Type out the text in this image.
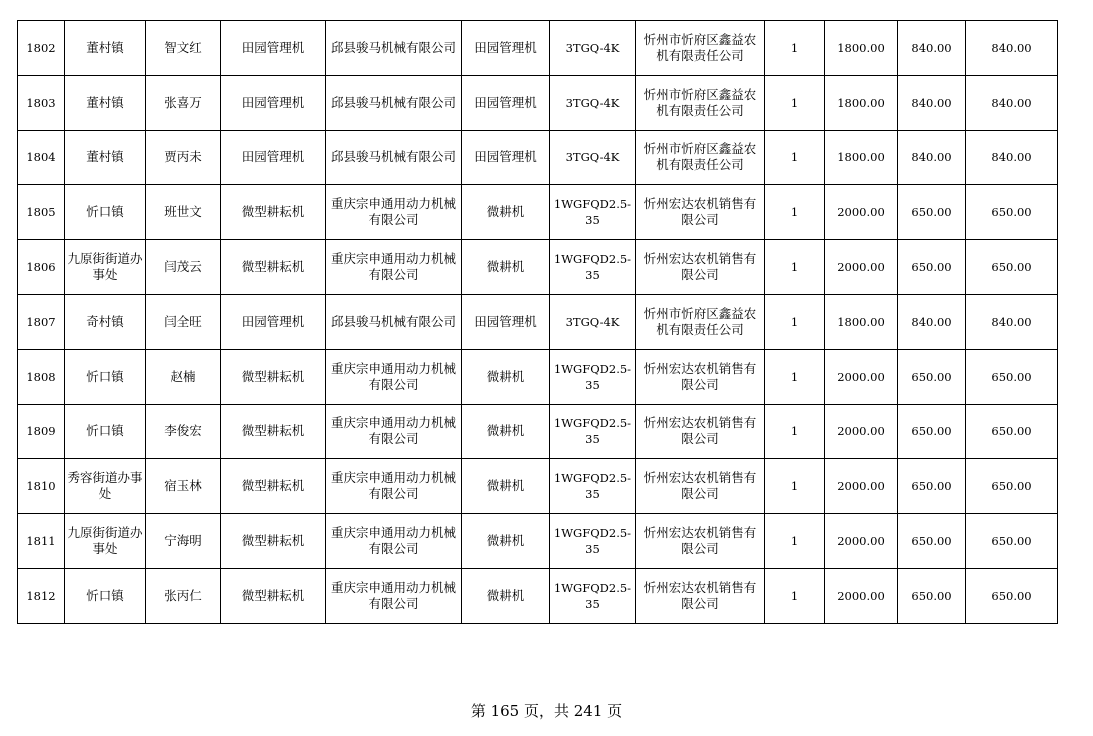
1802	董村镇	智文红	田园管理机	邱县骏马机械有限公司	田园管理机	3TGQ-4K	忻州市忻府区鑫益农机有限责任公司	1	1800.00	840.00	840.00
1803	董村镇	张喜万	田园管理机	邱县骏马机械有限公司	田园管理机	3TGQ-4K	忻州市忻府区鑫益农机有限责任公司	1	1800.00	840.00	840.00
1804	董村镇	贾丙未	田园管理机	邱县骏马机械有限公司	田园管理机	3TGQ-4K	忻州市忻府区鑫益农机有限责任公司	1	1800.00	840.00	840.00
1805	忻口镇	班世文	微型耕耘机	重庆宗申通用动力机械有限公司	微耕机	1WGFQD2.5-35	忻州宏达农机销售有限公司	1	2000.00	650.00	650.00
1806	九原街街道办事处	闫茂云	微型耕耘机	重庆宗申通用动力机械有限公司	微耕机	1WGFQD2.5-35	忻州宏达农机销售有限公司	1	2000.00	650.00	650.00
1807	奇村镇	闫全旺	田园管理机	邱县骏马机械有限公司	田园管理机	3TGQ-4K	忻州市忻府区鑫益农机有限责任公司	1	1800.00	840.00	840.00
1808	忻口镇	赵楠	微型耕耘机	重庆宗申通用动力机械有限公司	微耕机	1WGFQD2.5-35	忻州宏达农机销售有限公司	1	2000.00	650.00	650.00
1809	忻口镇	李俊宏	微型耕耘机	重庆宗申通用动力机械有限公司	微耕机	1WGFQD2.5-35	忻州宏达农机销售有限公司	1	2000.00	650.00	650.00
1810	秀容街道办事处	宿玉林	微型耕耘机	重庆宗申通用动力机械有限公司	微耕机	1WGFQD2.5-35	忻州宏达农机销售有限公司	1	2000.00	650.00	650.00
1811	九原街街道办事处	宁海明	微型耕耘机	重庆宗申通用动力机械有限公司	微耕机	1WGFQD2.5-35	忻州宏达农机销售有限公司	1	2000.00	650.00	650.00
1812	忻口镇	张丙仁	微型耕耘机	重庆宗申通用动力机械有限公司	微耕机	1WGFQD2.5-35	忻州宏达农机销售有限公司	1	2000.00	650.00	650.00
第 165 页，共 241 页
